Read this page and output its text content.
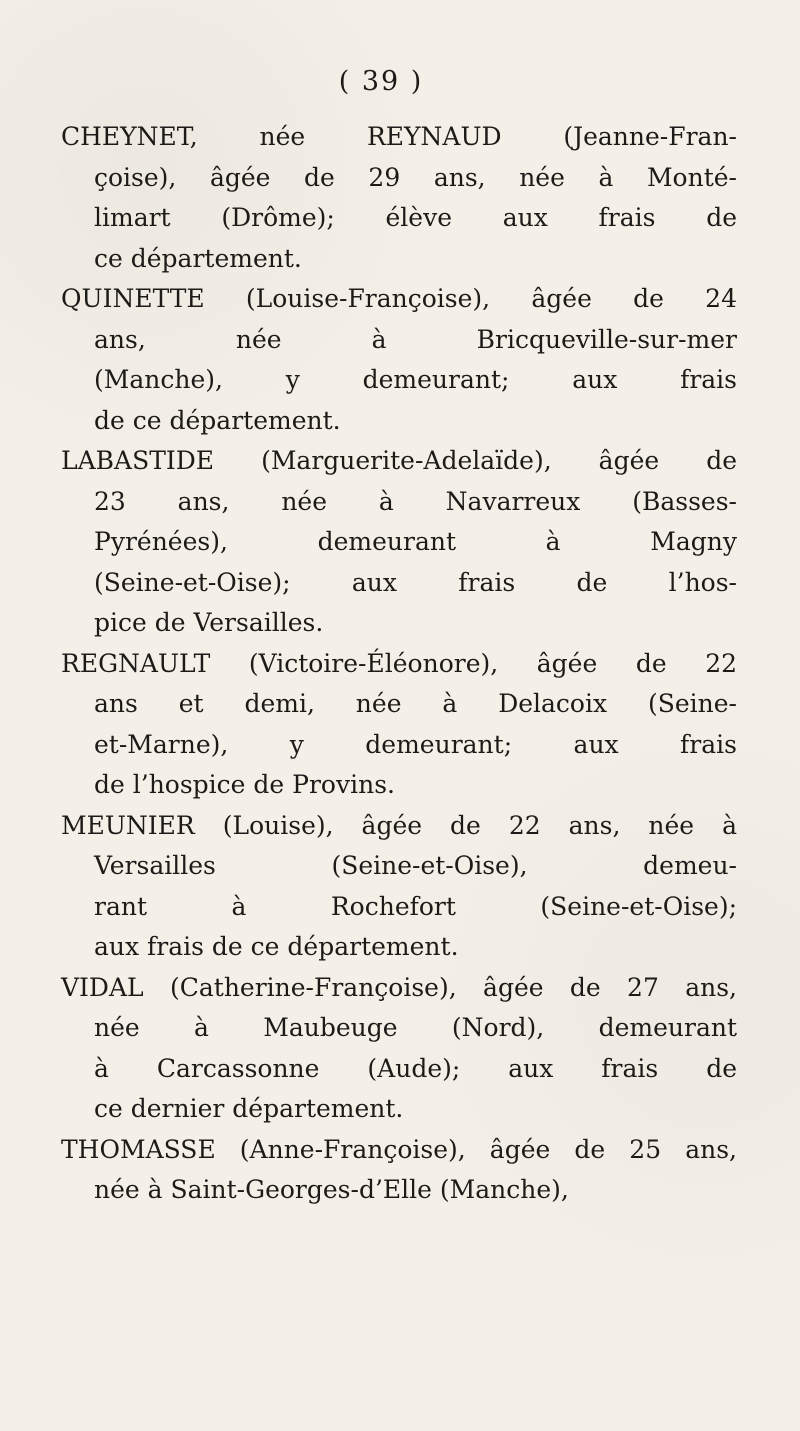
( 39 )
CHEYNET, née REYNAUD (Jeanne-Fran-
çoise), âgée de 29 ans, née à Monté-
limart (Drôme); élève aux frais de
ce département.
QUINETTE (Louise-Françoise), âgée de 24
ans, née à Bricqueville-sur-mer
(Manche), y demeurant; aux frais
de ce département.
LABASTIDE (Marguerite-Adelaïde), âgée de
23 ans, née à Navarreux (Basses-
Pyrénées), demeurant à Magny
(Seine-et-Oise); aux frais de l’hos-
pice de Versailles.
REGNAULT (Victoire-Éléonore), âgée de 22
ans et demi, née à Delacoix (Seine-
et-Marne), y demeurant; aux frais
de l’hospice de Provins.
MEUNIER (Louise), âgée de 22 ans, née à
Versailles (Seine-et-Oise), demeu-
rant à Rochefort (Seine-et-Oise);
aux frais de ce département.
VIDAL (Catherine-Françoise), âgée de 27 ans,
née à Maubeuge (Nord), demeurant
à Carcassonne (Aude); aux frais de
ce dernier département.
THOMASSE (Anne-Françoise), âgée de 25 ans,
née à Saint-Georges-d’Elle (Manche),
